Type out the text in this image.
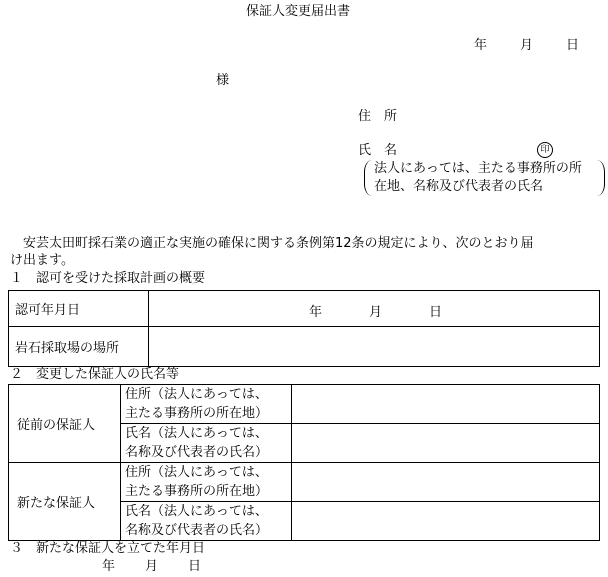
保証人変更届出書
年	月	日
様
住　所
氏　名	印
法人にあっては、主たる事務所の所
在地、名称及び代表者の氏名
　安芸太田町採石業の適正な実施の確保に関する条例第12条の規定により、次のとおり届
け出ます。
１　認可を受けた採取計画の概要
認可年月日	年 月 日

岩石採取場の場所	
２　変更した保証人の氏名等
従前の保証人	住所（法人にあっては、
主たる事務所の所在地）	

	氏名（法人にあっては、
名称及び代表者の氏名）	

新たな保証人	住所（法人にあっては、
主たる事務所の所在地）	

	氏名（法人にあっては、
名称及び代表者の氏名）	

３　新たな保証人を立てた年月日
年 月 日
